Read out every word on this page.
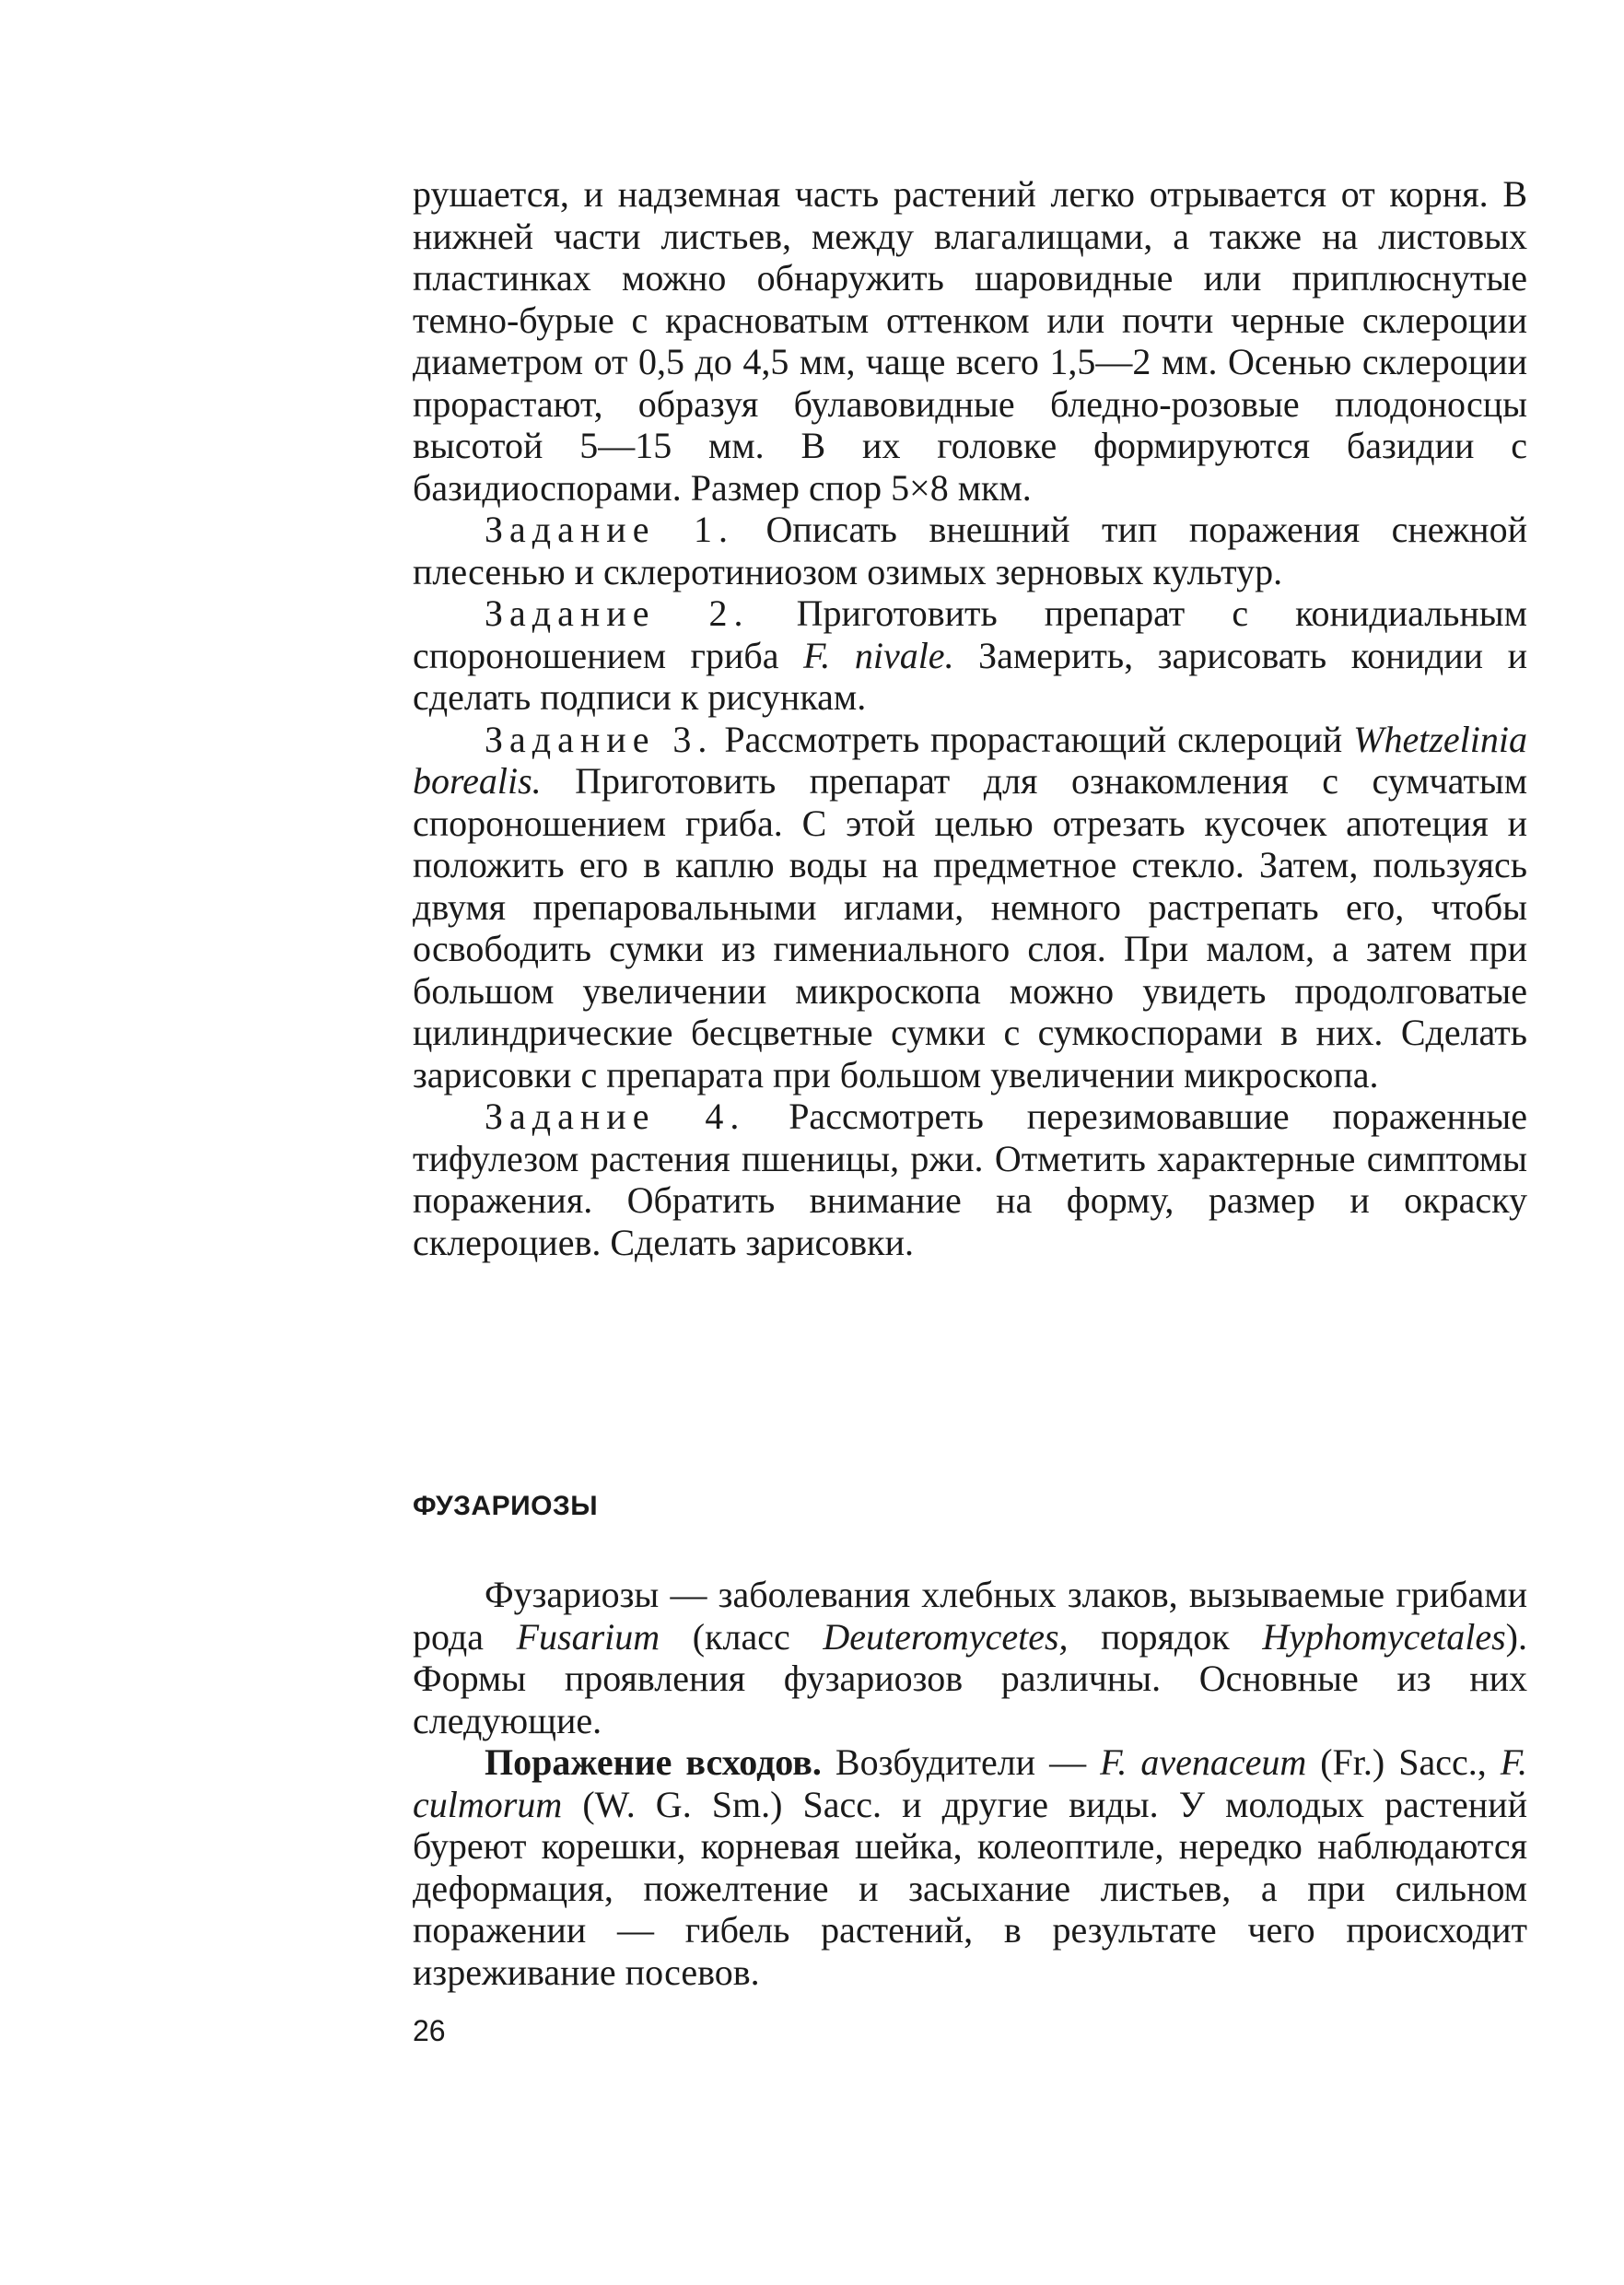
рушается, и надземная часть растений легко отрывается от корня. В нижней части листьев, между влагалищами, а также на листовых пластинках можно обнаружить шаровидные или приплюснутые темно-бурые с красноватым оттенком или почти черные склероции диаметром от 0,5 до 4,5 мм, чаще всего 1,5—2 мм. Осенью склероции прорастают, образуя булавовидные бледно-розовые плодоносцы высотой 5—15 мм. В их головке формируются базидии с базидиоспорами. Размер спор 5×8 мкм.

Задание 1. Описать внешний тип поражения снежной плесенью и склеротиниозом озимых зерновых культур.

Задание 2. Приготовить препарат с конидиальным спороношением гриба F. nivale. Замерить, зарисовать конидии и сделать подписи к рисункам.

Задание 3. Рассмотреть прорастающий склероций Whetzelinia borealis. Приготовить препарат для ознакомления с сумчатым спороношением гриба. С этой целью отрезать кусочек апотеция и положить его в каплю воды на предметное стекло. Затем, пользуясь двумя препаровальными иглами, немного растрепать его, чтобы освободить сумки из гимениального слоя. При малом, а затем при большом увеличении микроскопа можно увидеть продолговатые цилиндрические бесцветные сумки с сумкоспорами в них. Сделать зарисовки с препарата при большом увеличении микроскопа.

Задание 4. Рассмотреть перезимовавшие пораженные тифулезом растения пшеницы, ржи. Отметить характерные симптомы поражения. Обратить внимание на форму, размер и окраску склероциев. Сделать зарисовки.

ФУЗАРИОЗЫ

Фузариозы — заболевания хлебных злаков, вызываемые грибами рода Fusarium (класс Deuteromycetes, порядок Hyphomycetales). Формы проявления фузариозов различны. Основные из них следующие.

Поражение всходов. Возбудители — F. avenaceum (Fr.) Sacc., F. culmorum (W. G. Sm.) Sacc. и другие виды. У молодых растений буреют корешки, корневая шейка, колеоптиле, нередко наблюдаются деформация, пожелтение и засыхание листьев, а при сильном поражении — гибель растений, в результате чего происходит изреживание посевов.

26
